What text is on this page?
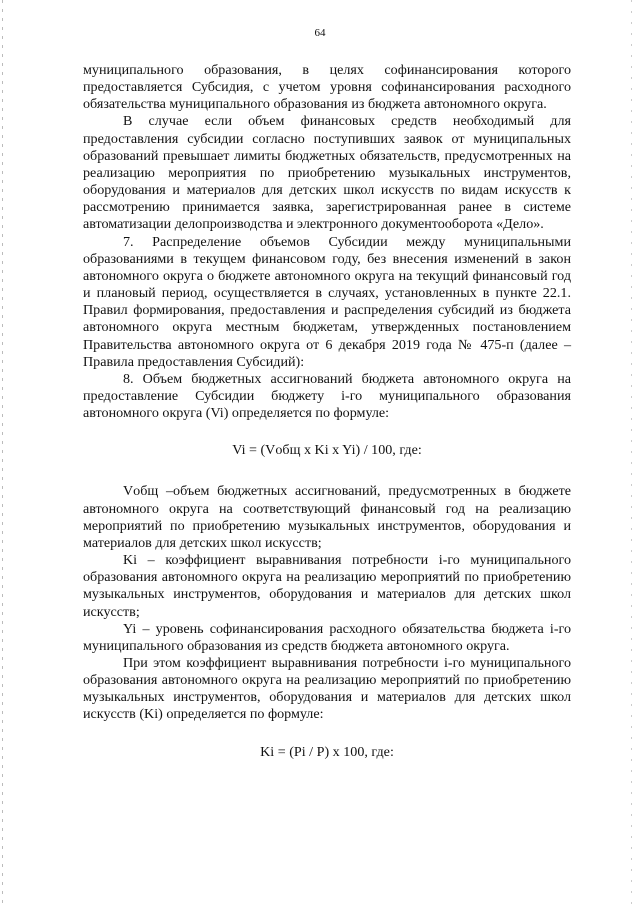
64

муниципального образования, в целях софинансирования которого предоставляется Субсидия, с учетом уровня софинансирования расходного обязательства муниципального образования из бюджета автономного округа.

В случае если объем финансовых средств необходимый для предоставления субсидии согласно поступивших заявок от муниципальных образований превышает лимиты бюджетных обязательств, предусмотренных на реализацию мероприятия по приобретению музыкальных инструментов, оборудования и материалов для детских школ искусств по видам искусств к рассмотрению принимается заявка, зарегистрированная ранее в системе автоматизации делопроизводства и электронного документооборота «Дело».

7. Распределение объемов Субсидии между муниципальными образованиями в текущем финансовом году, без внесения изменений в закон автономного округа о бюджете автономного округа на текущий финансовый год и плановый период, осуществляется в случаях, установленных в пункте 22.1. Правил формирования, предоставления и распределения субсидий из бюджета автономного округа местным бюджетам, утвержденных постановлением Правительства автономного округа от 6 декабря 2019 года № 475-п (далее – Правила предоставления Субсидий):

8. Объем бюджетных ассигнований бюджета автономного округа на предоставление Субсидии бюджету i-го муниципального образования автономного округа (Vi) определяется по формуле:

Vi = (Vобщ x Ki x Yi) / 100, где:

Vобщ –объем бюджетных ассигнований, предусмотренных в бюджете автономного округа на соответствующий финансовый год на реализацию мероприятий по приобретению музыкальных инструментов, оборудования и материалов для детских школ искусств;

Ki – коэффициент выравнивания потребности i-го муниципального образования автономного округа на реализацию мероприятий по приобретению музыкальных инструментов, оборудования и материалов для детских школ искусств;

Yi – уровень софинансирования расходного обязательства бюджета i-го муниципального образования из средств бюджета автономного округа.

При этом коэффициент выравнивания потребности i-го муниципального образования автономного округа на реализацию мероприятий по приобретению музыкальных инструментов, оборудования и материалов для детских школ искусств (Ki) определяется по формуле:

Ki = (Pi / P) x 100, где:
